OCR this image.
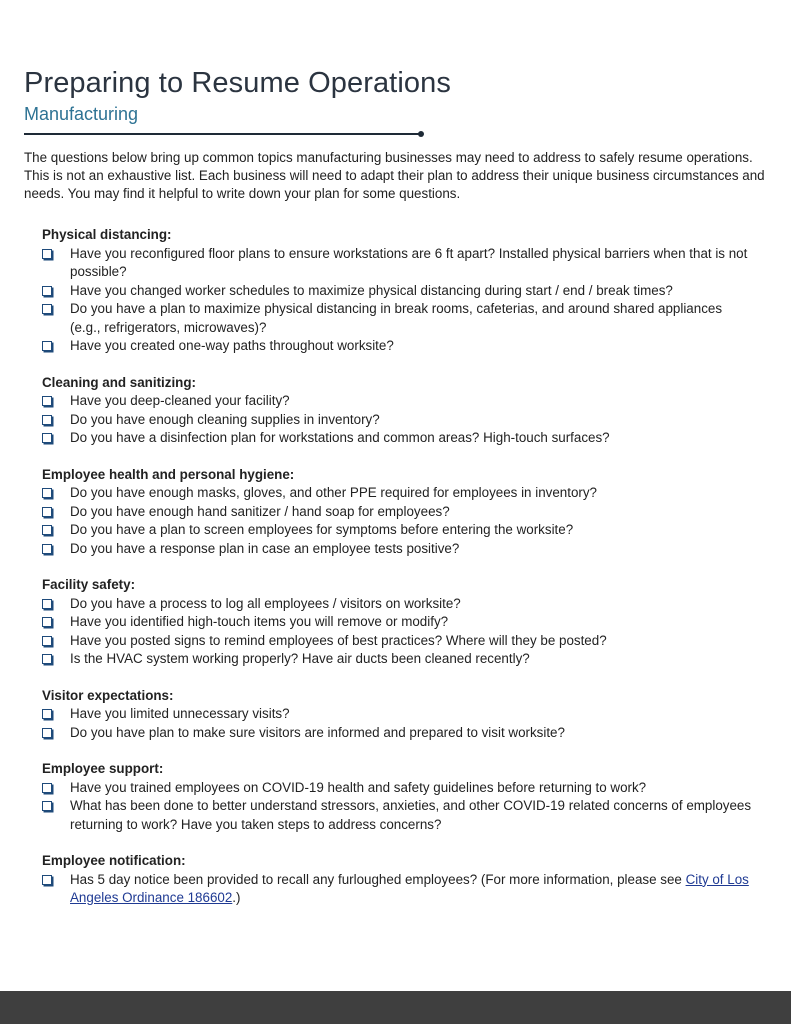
Preparing to Resume Operations
Manufacturing
The questions below bring up common topics manufacturing businesses may need to address to safely resume operations. This is not an exhaustive list. Each business will need to adapt their plan to address their unique business circumstances and needs. You may find it helpful to write down your plan for some questions.
Physical distancing:
Have you reconfigured floor plans to ensure workstations are 6 ft apart? Installed physical barriers when that is not possible?
Have you changed worker schedules to maximize physical distancing during start / end / break times?
Do you have a plan to maximize physical distancing in break rooms, cafeterias, and around shared appliances (e.g., refrigerators, microwaves)?
Have you created one-way paths throughout worksite?
Cleaning and sanitizing:
Have you deep-cleaned your facility?
Do you have enough cleaning supplies in inventory?
Do you have a disinfection plan for workstations and common areas? High-touch surfaces?
Employee health and personal hygiene:
Do you have enough masks, gloves, and other PPE required for employees in inventory?
Do you have enough hand sanitizer / hand soap for employees?
Do you have a plan to screen employees for symptoms before entering the worksite?
Do you have a response plan in case an employee tests positive?
Facility safety:
Do you have a process to log all employees / visitors on worksite?
Have you identified high-touch items you will remove or modify?
Have you posted signs to remind employees of best practices? Where will they be posted?
Is the HVAC system working properly? Have air ducts been cleaned recently?
Visitor expectations:
Have you limited unnecessary visits?
Do you have plan to make sure visitors are informed and prepared to visit worksite?
Employee support:
Have you trained employees on COVID-19 health and safety guidelines before returning to work?
What has been done to better understand stressors, anxieties, and other COVID-19 related concerns of employees returning to work? Have you taken steps to address concerns?
Employee notification:
Has 5 day notice been provided to recall any furloughed employees? (For more information, please see City of Los Angeles Ordinance 186602.)
